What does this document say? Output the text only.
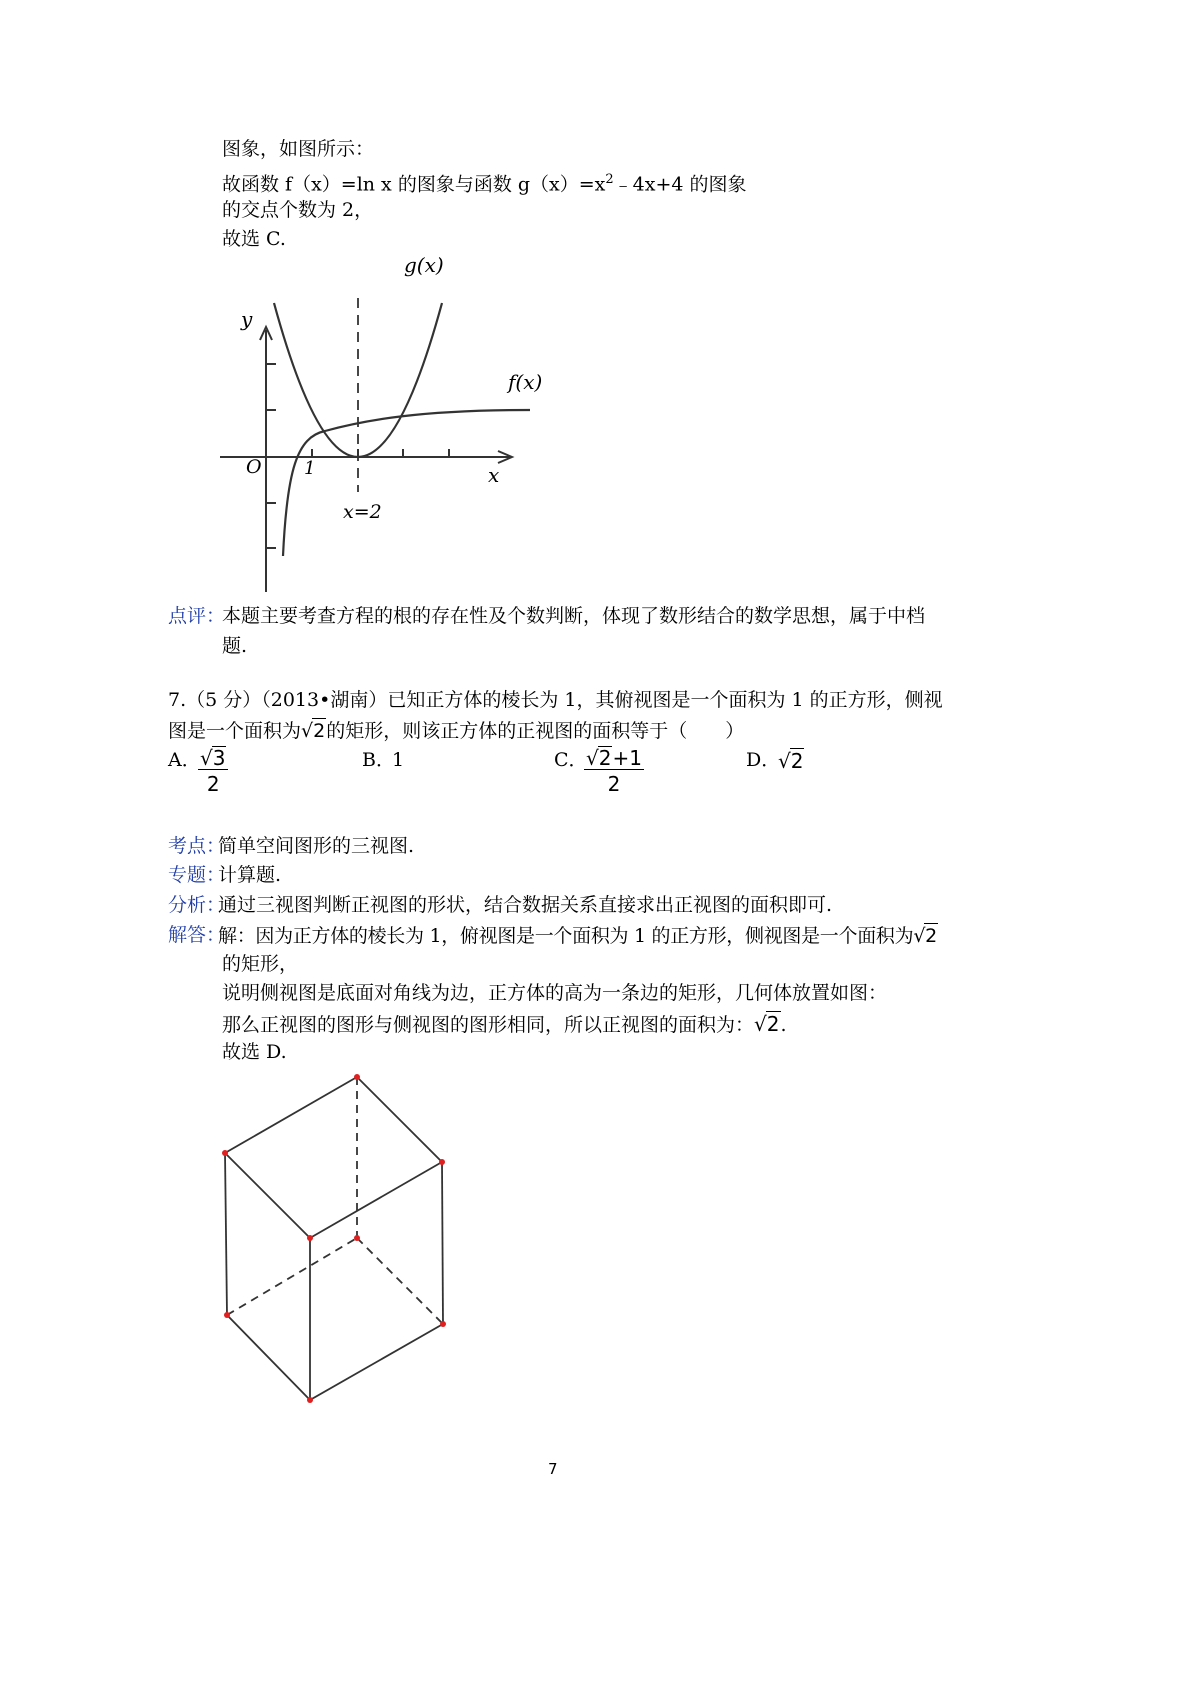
图象，如图所示：
故函数 f（x）=ln x 的图象与函数 $g(x)=x^2﹣4x+4$ 的图象
的交点个数为 2，
故选 C.
g(x)
f(x)
y
x
O 1
x=2
点评：
本题主要考查方程的根的存在性及个数判断，体现了数形结合的数学思想，属于中档
题.
7.（5 分）（2013•湖南）已知正方体的棱长为 1，其俯视图是一个面积为 1 的正方形，侧视
图是一个面积为√2的矩形，则该正方体的正视图的面积等于（　　）
A．
$\frac{√3}{2}$	B．
1	C．
$\frac{√2+1}{2}$	D．
√2
考点：
简单空间图形的三视图.
专题：
计算题.
分析：
通过三视图判断正视图的形状，结合数据关系直接求出正视图的面积即可.
解答：
解：因为正方体的棱长为 1，俯视图是一个面积为 1 的正方形，侧视图是一个面积为√2
的矩形，
说明侧视图是底面对角线为边，正方体的高为一条边的矩形，几何体放置如图：
那么正视图的图形与侧视图的图形相同，所以正视图的面积为：√2.
故选 D.
7
